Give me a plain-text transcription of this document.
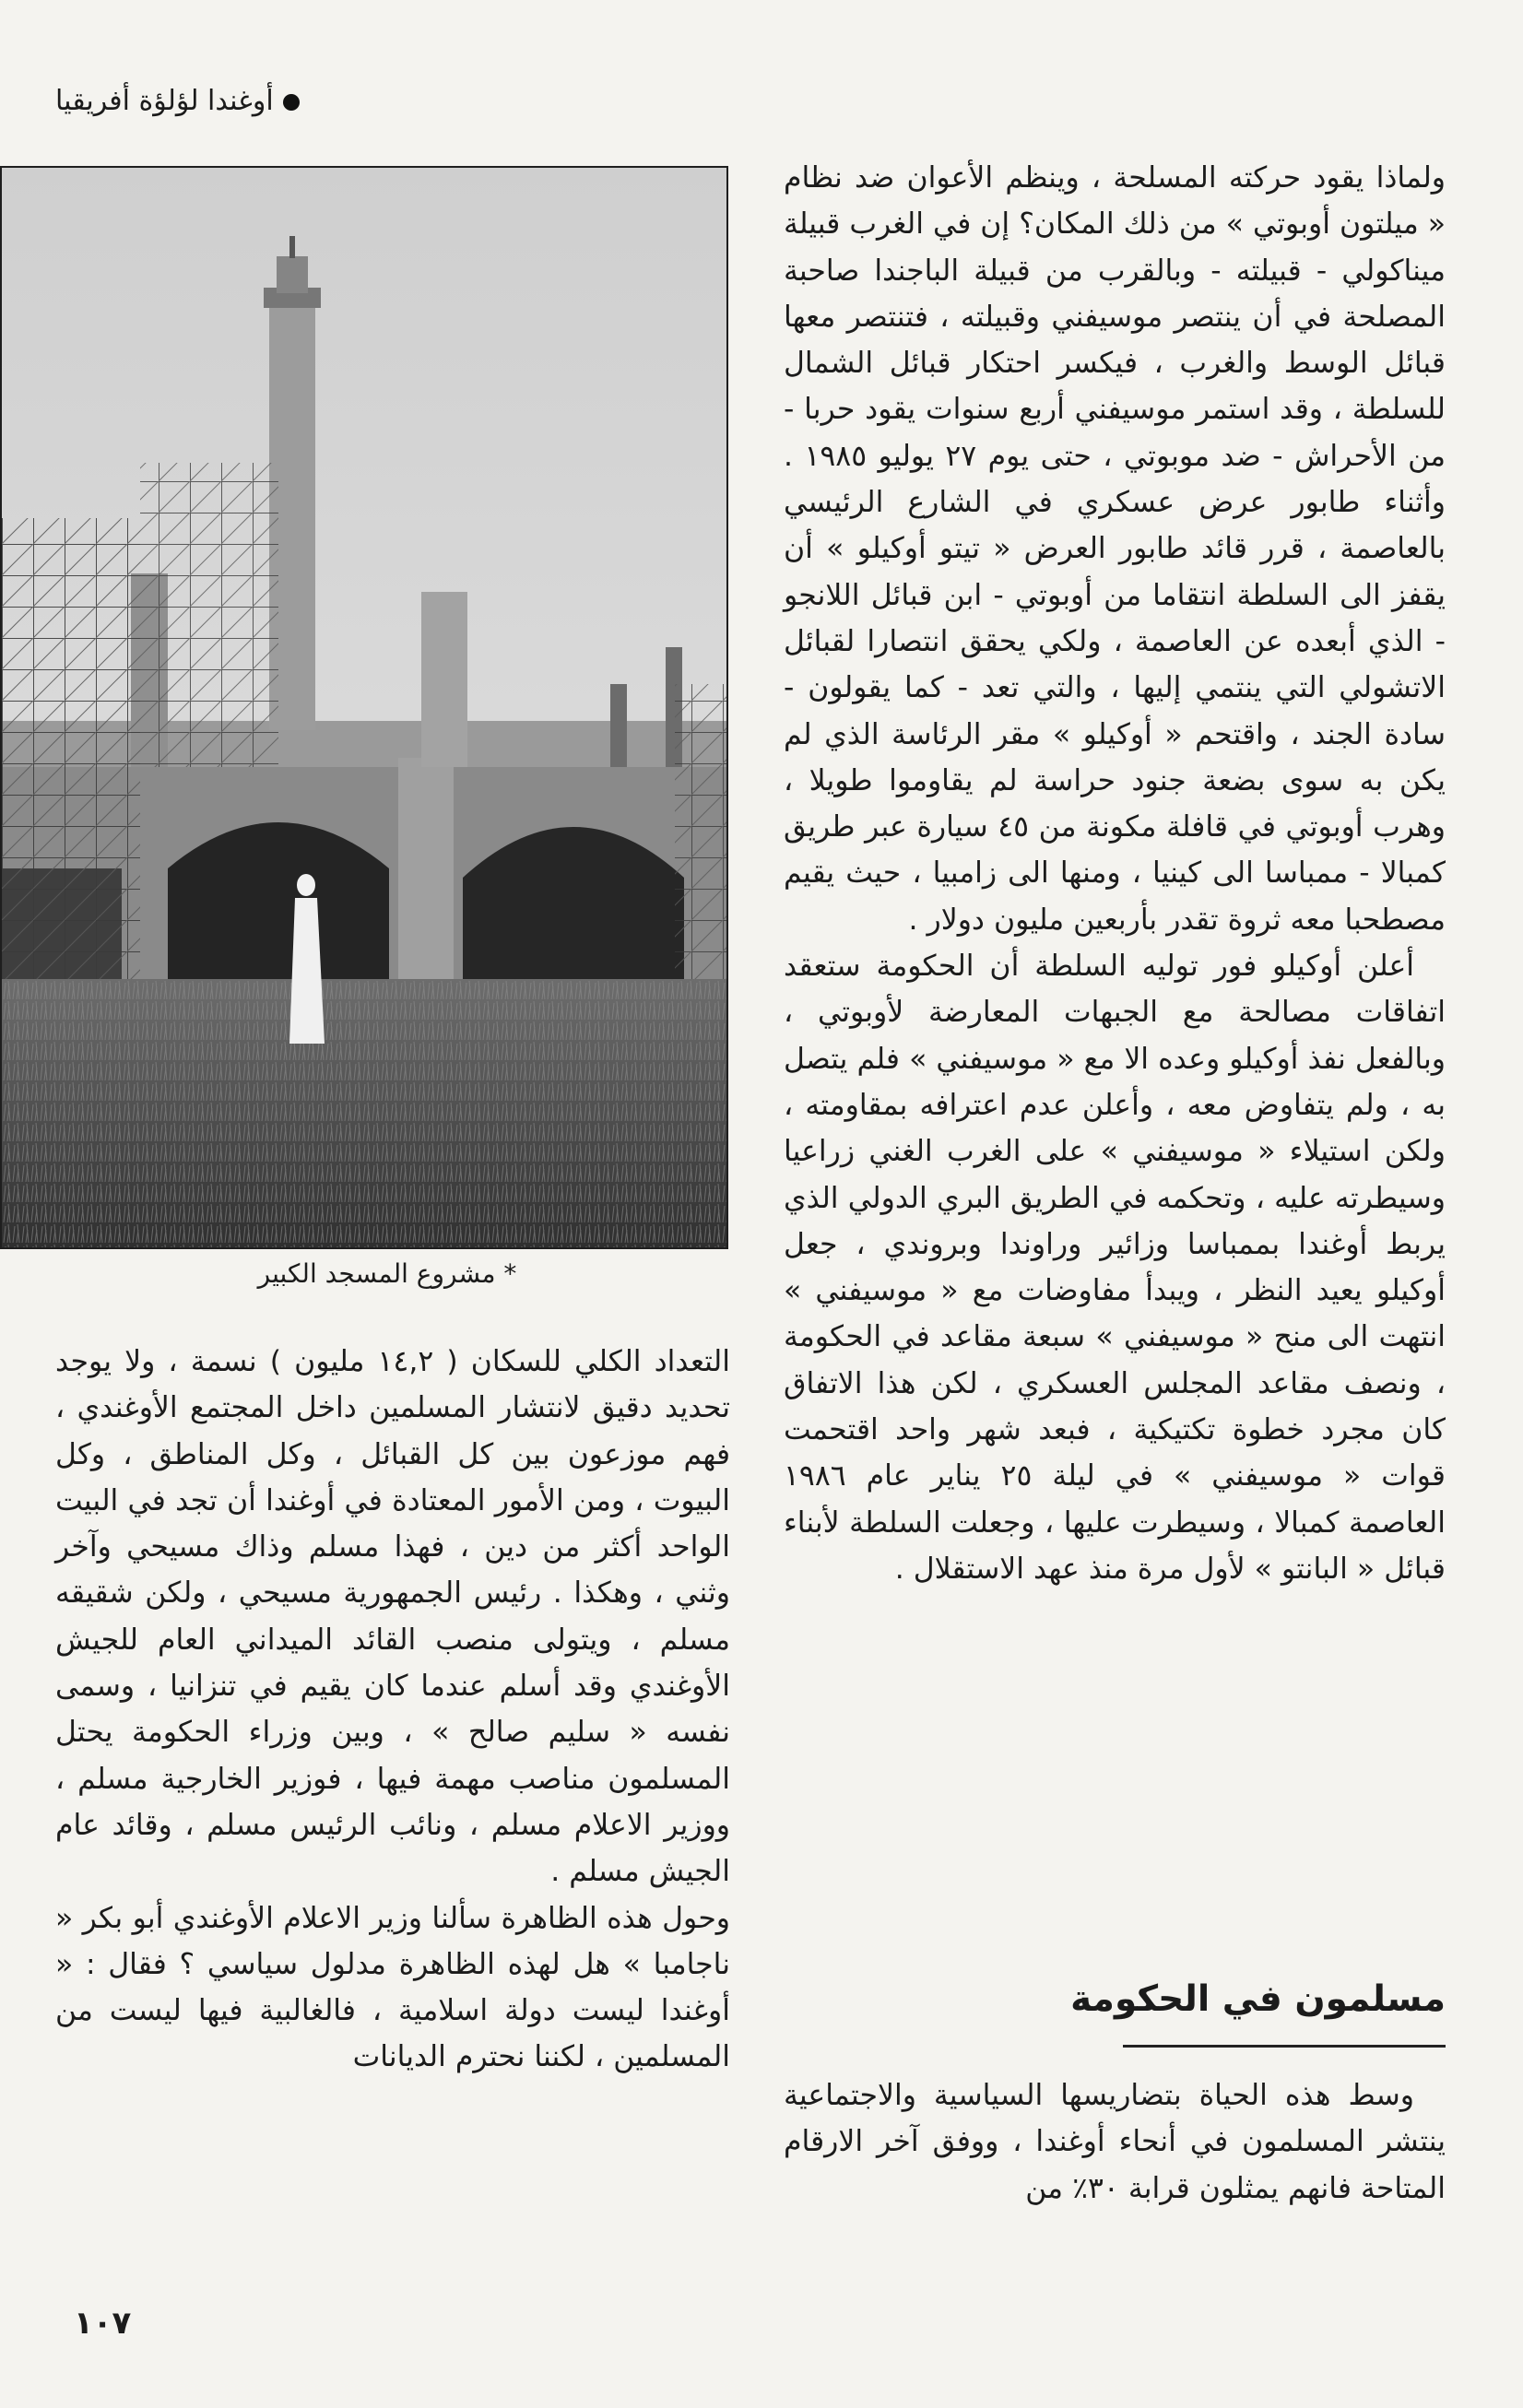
أوغندا لؤلؤة أفريقيا
* مشروع المسجد الكبير

ولماذا يقود حركته المسلحة ، وينظم الأعوان ضد نظام « ميلتون أوبوتي » من ذلك المكان؟ إن في الغرب قبيلة ميناكولي - قبيلته - وبالقرب من قبيلة الباجندا صاحبة المصلحة في أن ينتصر موسيفني وقبيلته ، فتنتصر معها قبائل الوسط والغرب ، فيكسر احتكار قبائل الشمال للسلطة ، وقد استمر موسيفني أربع سنوات يقود حربا - من الأحراش - ضد موبوتي ، حتى يوم ٢٧ يوليو ١٩٨٥ . وأثناء طابور عرض عسكري في الشارع الرئيسي بالعاصمة ، قرر قائد طابور العرض « تيتو أوكيلو » أن يقفز الى السلطة انتقاما من أوبوتي - ابن قبائل اللانجو - الذي أبعده عن العاصمة ، ولكي يحقق انتصارا لقبائل الاتشولي التي ينتمي إليها ، والتي تعد - كما يقولون - سادة الجند ، واقتحم « أوكيلو » مقر الرئاسة الذي لم يكن به سوى بضعة جنود حراسة لم يقاوموا طويلا ، وهرب أوبوتي في قافلة مكونة من ٤٥ سيارة عبر طريق كمبالا - ممباسا الى كينيا ، ومنها الى زامبيا ، حيث يقيم مصطحبا معه ثروة تقدر بأربعين مليون دولار .

أعلن أوكيلو فور توليه السلطة أن الحكومة ستعقد اتفاقات مصالحة مع الجبهات المعارضة لأوبوتي ، وبالفعل نفذ أوكيلو وعده الا مع « موسيفني » فلم يتصل به ، ولم يتفاوض معه ، وأعلن عدم اعترافه بمقاومته ، ولكن استيلاء « موسيفني » على الغرب الغني زراعيا وسيطرته عليه ، وتحكمه في الطريق البري الدولي الذي يربط أوغندا بممباسا وزائير وراوندا وبروندي ، جعل أوكيلو يعيد النظر ، ويبدأ مفاوضات مع « موسيفني » انتهت الى منح « موسيفني » سبعة مقاعد في الحكومة ، ونصف مقاعد المجلس العسكري ، لكن هذا الاتفاق كان مجرد خطوة تكتيكية ، فبعد شهر واحد اقتحمت قوات « موسيفني » في ليلة ٢٥ يناير عام ١٩٨٦ العاصمة كمبالا ، وسيطرت عليها ، وجعلت السلطة لأبناء قبائل « البانتو » لأول مرة منذ عهد الاستقلال .

مسلمون في الحكومة

وسط هذه الحياة بتضاريسها السياسية والاجتماعية ينتشر المسلمون في أنحاء أوغندا ، ووفق آخر الارقام المتاحة فانهم يمثلون قرابة ٣٠٪ من

التعداد الكلي للسكان ( ١٤,٢ مليون ) نسمة ، ولا يوجد تحديد دقيق لانتشار المسلمين داخل المجتمع الأوغندي ، فهم موزعون بين كل القبائل ، وكل المناطق ، وكل البيوت ، ومن الأمور المعتادة في أوغندا أن تجد في البيت الواحد أكثر من دين ، فهذا مسلم وذاك مسيحي وآخر وثني ، وهكذا . رئيس الجمهورية مسيحي ، ولكن شقيقه مسلم ، ويتولى منصب القائد الميداني العام للجيش الأوغندي وقد أسلم عندما كان يقيم في تنزانيا ، وسمى نفسه « سليم صالح » ، وبين وزراء الحكومة يحتل المسلمون مناصب مهمة فيها ، فوزير الخارجية مسلم ، ووزير الاعلام مسلم ، ونائب الرئيس مسلم ، وقائد عام الجيش مسلم .

وحول هذه الظاهرة سألنا وزير الاعلام الأوغندي أبو بكر « ناجامبا » هل لهذه الظاهرة مدلول سياسي ؟ فقال : « أوغندا ليست دولة اسلامية ، فالغالبية فيها ليست من المسلمين ، لكننا نحترم الديانات

١٠٧
